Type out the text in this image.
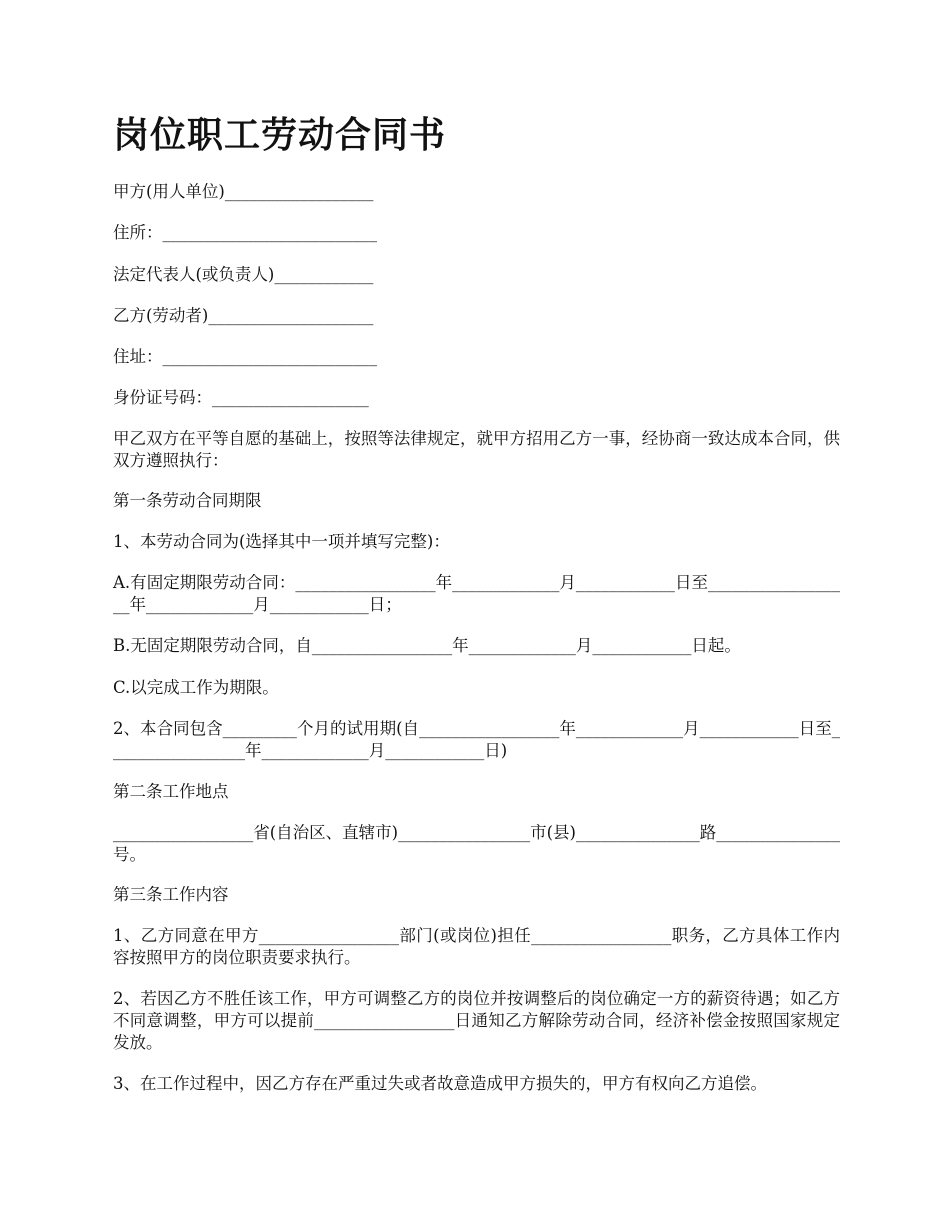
岗位职工劳动合同书

甲方(用人单位)__________________

住所：__________________________

法定代表人(或负责人)____________

乙方(劳动者)____________________

住址：__________________________

身份证号码：___________________

甲乙双方在平等自愿的基础上，按照等法律规定，就甲方招用乙方一事，经协商一致达成本合同，供双方遵照执行：

第一条劳动合同期限

1、本劳动合同为(选择其中一项并填写完整)：

A.有固定期限劳动合同：_________________年_____________月____________日至__________________年_____________月____________日；

B.无固定期限劳动合同，自_________________年_____________月____________日起。

C.以完成工作为期限。

2、本合同包含_________个月的试用期(自_________________年_____________月____________日至_________________年_____________月____________日)

第二条工作地点

_________________省(自治区、直辖市)________________市(县)_______________路_______________号。

第三条工作内容

1、乙方同意在甲方_________________部门(或岗位)担任_________________职务，乙方具体工作内容按照甲方的岗位职责要求执行。

2、若因乙方不胜任该工作，甲方可调整乙方的岗位并按调整后的岗位确定一方的薪资待遇；如乙方不同意调整，甲方可以提前_________________日通知乙方解除劳动合同，经济补偿金按照国家规定发放。

3、在工作过程中，因乙方存在严重过失或者故意造成甲方损失的，甲方有权向乙方追偿。
